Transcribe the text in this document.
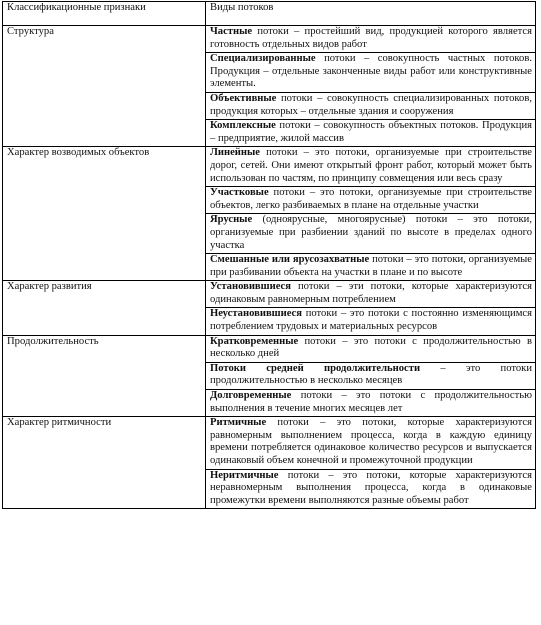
Классификационные признаки	Виды потоков
Структура	Частные потоки – простейший вид, продукцией которого является готовность отдельных видов работ
	Специализированные потоки – совокупность частных потоков. Продукция – отдельные законченные виды работ или конструктивные элементы.
	Объективные потоки – совокупность специализированных потоков, продукция которых – отдельные здания и сооружения
	Комплексные потоки – совокупность объектных потоков. Продукция – предприятие, жилой массив
Характер возводимых объектов	Линейные потоки – это потоки, организуемые при строительстве дорог, сетей. Они имеют открытый фронт работ, который может быть использован по частям, по принципу совмещения или весь сразу
	Участковые потоки – это потоки, организуемые при строительстве объектов, легко разбиваемых в плане на отдельные участки
	Ярусные (одноярусные, многоярусные) потоки – это потоки, организуемые при разбиении зданий по высоте в пределах одного участка
	Смешанные или ярусозахватные потоки – это потоки, организуемые при разбивании объекта на участки в плане и по высоте
Характер развития	Установившиеся потоки – эти потоки, которые характеризуются одинаковым равномерным потреблением
	Неустановившиеся потоки – это потоки с постоянно изменяющимся потреблением трудовых и материальных ресурсов
Продолжительность	Кратковременные потоки – это потоки с продолжительностью в несколько дней
	Потоки средней продолжительности – это потоки продолжительностью в несколько месяцев
	Долговременные потоки – это потоки с продолжительностью выполнения в течение многих месяцев лет
Характер ритмичности	Ритмичные потоки – это потоки, которые характеризуются равномерным выполнением процесса, когда в каждую единицу времени потребляется одинаковое количество ресурсов и выпускается одинаковый объем конечной и промежуточной продукции
	Неритмичные потоки – это потоки, которые характеризуются неравномерным выполнения процесса, когда в одинаковые промежутки времени выполняются разные объемы работ
